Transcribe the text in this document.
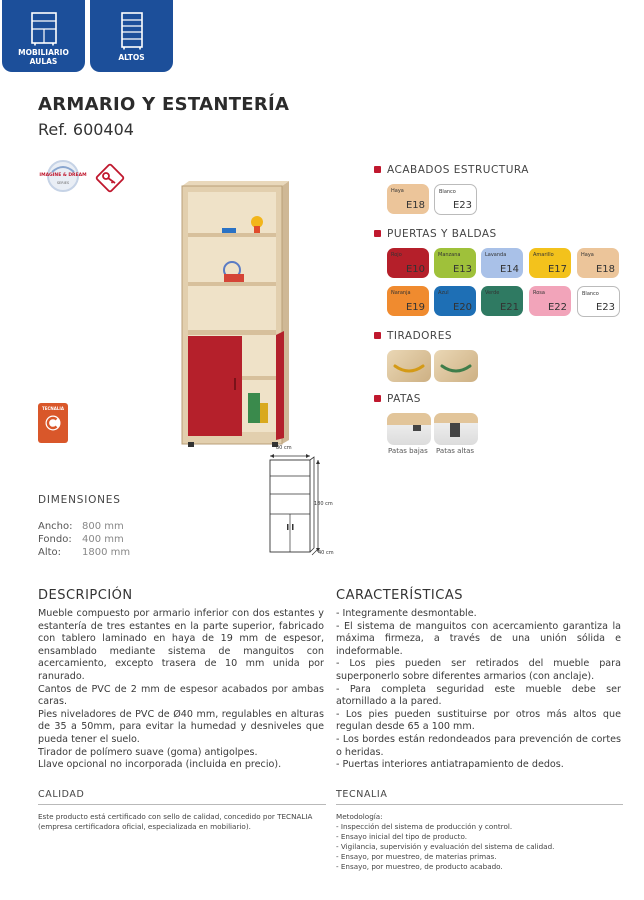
MOBILIARIO AULAS	ALTOS
ARMARIO Y ESTANTERÍA
Ref. 600404
IMAGINE & DREAM
SERIES
TECNALIA
80 cm
180 cm
40 cm
ACABADOS ESTRUCTURA
Haya
E18
Blanco
E23
PUERTAS Y BALDAS
Rojo
E10
Manzana
E13
Lavanda
E14
Amarillo
E17
Haya
E18
Naranja
E19
Azul
E20
Verde
E21
Rosa
E22
Blanco
E23
TIRADORES
PATAS
Patas bajas Patas altas
DIMENSIONES
Ancho: 800 mm
Fondo: 400 mm
Alto: 1800 mm
DESCRIPCIÓN

Mueble compuesto por armario inferior con dos estantes y estantería de tres estantes en la parte superior, fabricado con tablero laminado en haya de 19 mm de espesor, ensamblado mediante sistema de manguitos con acercamiento, excepto trasera de 10 mm unida por ranurado.

Cantos de PVC de 2 mm de espesor acabados por ambas caras.

Pies niveladores de PVC de Ø40 mm, regulables en alturas de 35 a 50mm, para evitar la humedad y desniveles que pueda tener el suelo.

Tirador de polímero suave (goma) antigolpes.

Llave opcional no incorporada (incluida en precio).

CARACTERÍSTICAS

- Integramente desmontable.

- El sistema de manguitos con acercamiento garantiza la máxima firmeza, a través de una unión sólida e indeformable.

- Los pies pueden ser retirados del mueble para superponerlo sobre diferentes armarios (con anclaje).

- Para completa seguridad este mueble debe ser atornillado a la pared.

- Los pies pueden sustituirse por otros más altos que regulan desde 65 a 100 mm.

- Los bordes están redondeados para prevención de cortes o heridas.

- Puertas interiores antiatrapamiento de dedos.

CALIDAD
Este producto está certificado con sello de calidad, concedido por TECNALIA (empresa certificadora oficial, especializada en mobiliario).
TECNALIA

Metodología:

- Inspección del sistema de producción y control.

- Ensayo inicial del tipo de producto.

- Vigilancia, supervisión y evaluación del sistema de calidad.

- Ensayo, por muestreo, de materias primas.

- Ensayo, por muestreo, de producto acabado.
